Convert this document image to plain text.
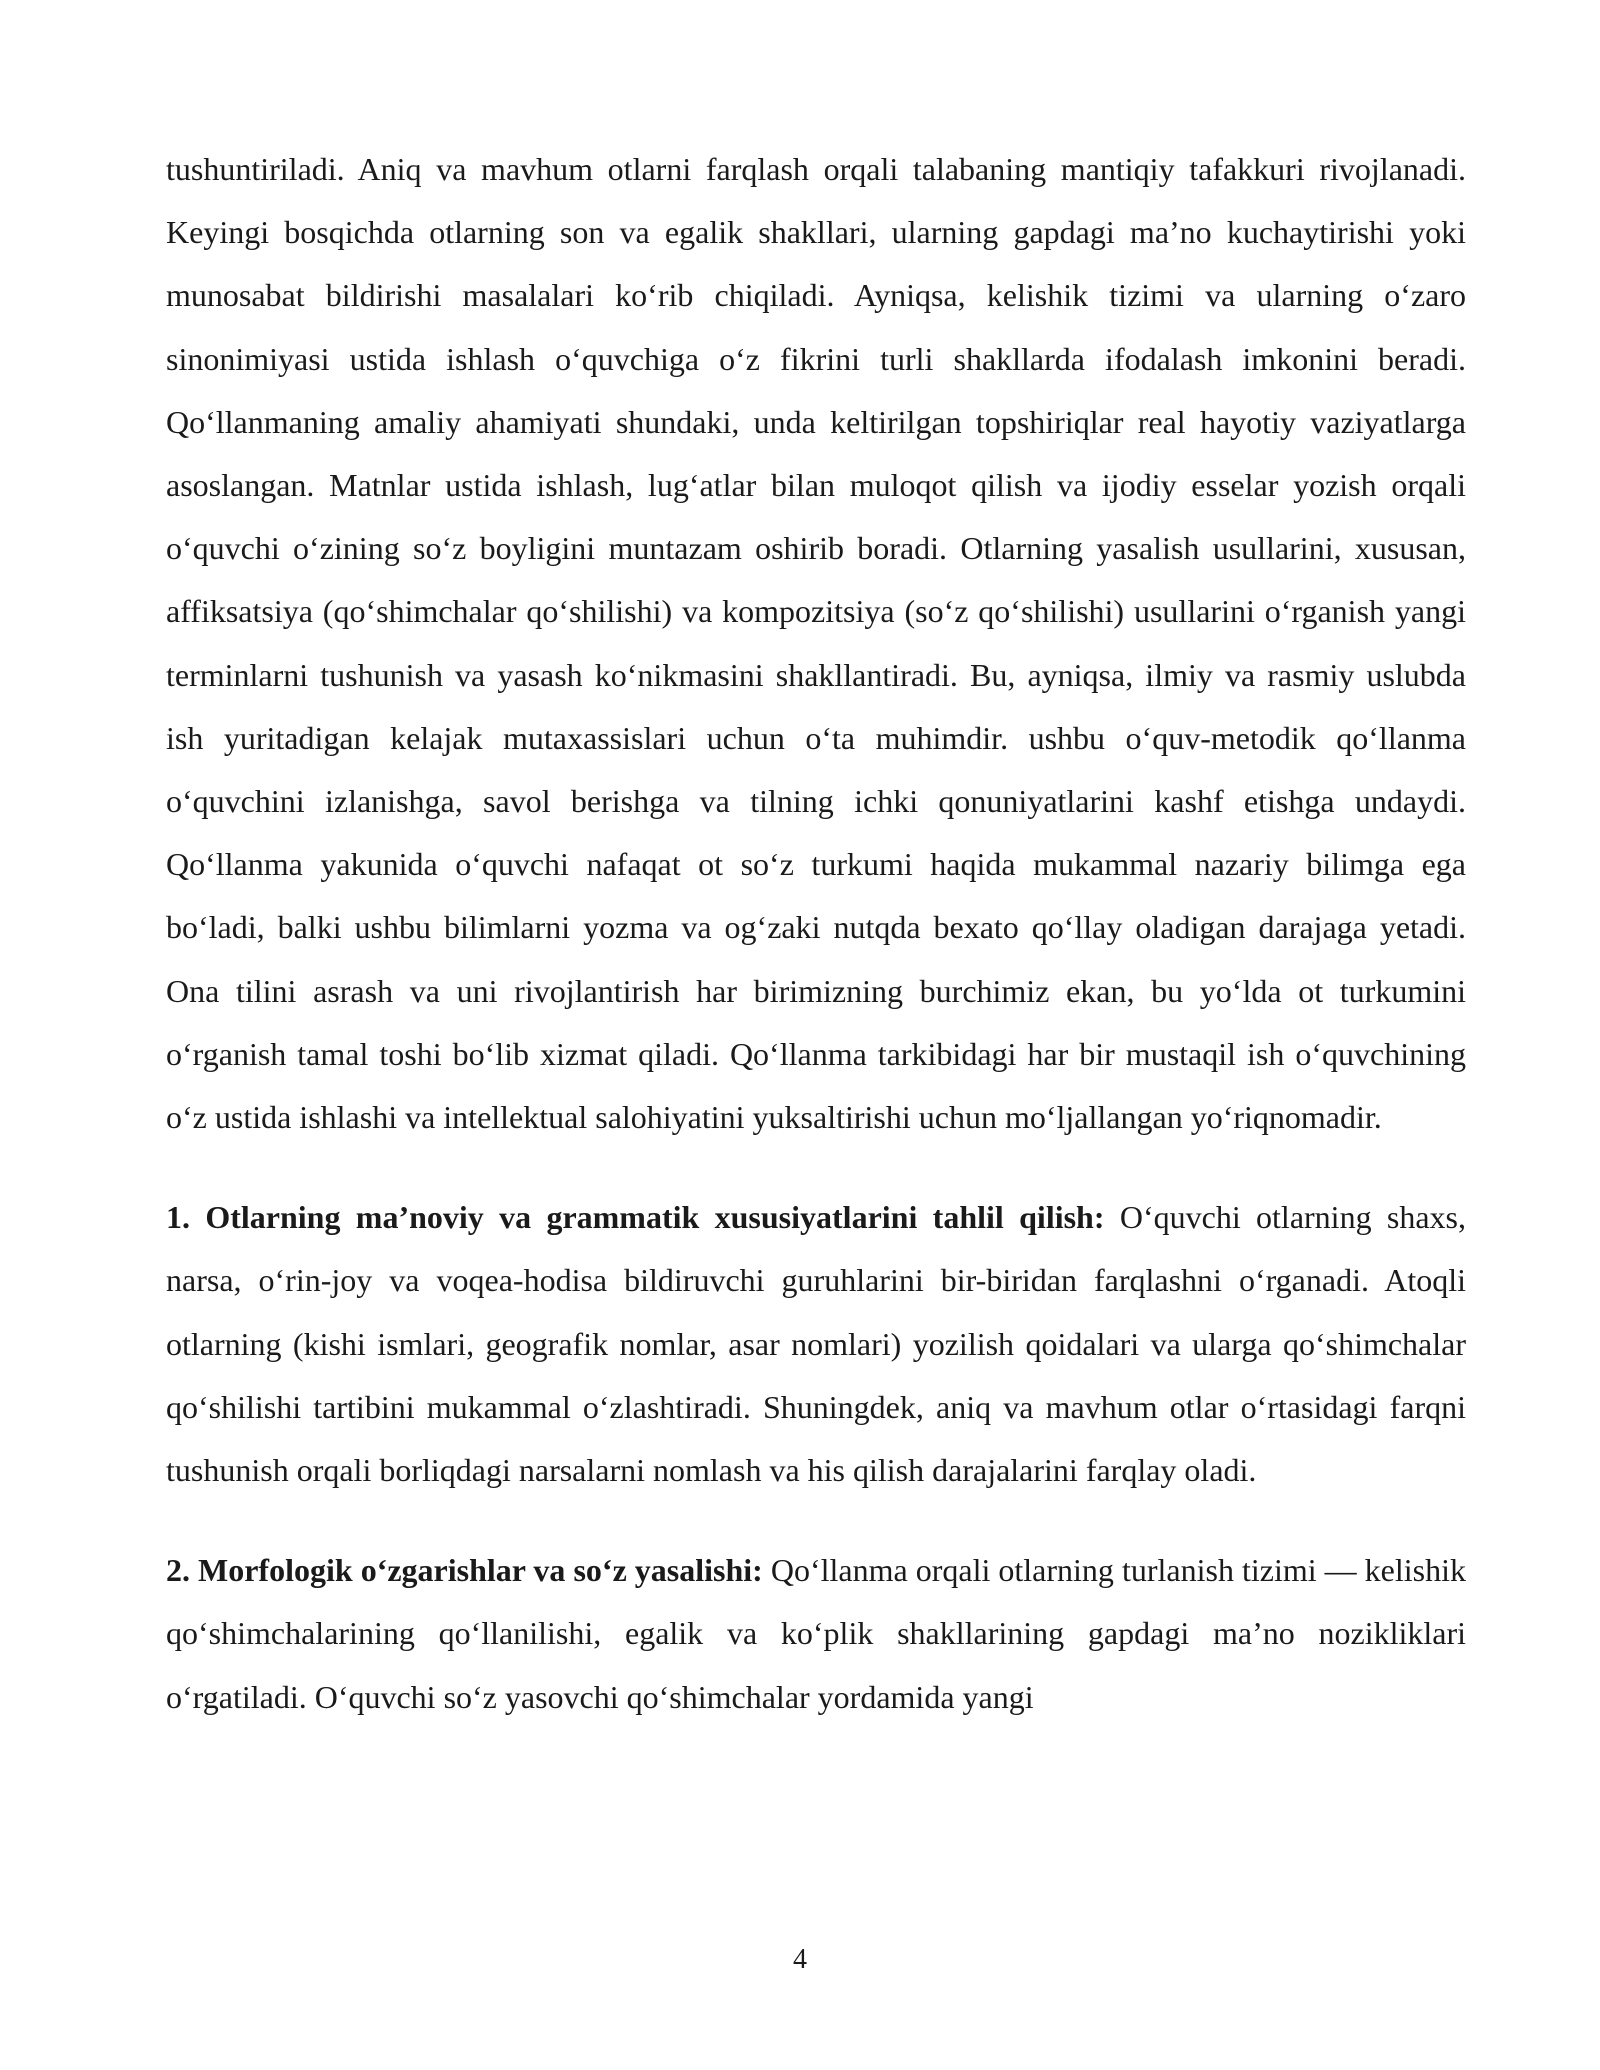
tushuntiriladi. Aniq va mavhum otlarni farqlash orqali talabaning mantiqiy tafakkuri rivojlanadi. Keyingi bosqichda otlarning son va egalik shakllari, ularning gapdagi ma’no kuchaytirishi yoki munosabat bildirishi masalalari ko‘rib chiqiladi. Ayniqsa, kelishik tizimi va ularning o‘zaro sinonimiyasi ustida ishlash o‘quvchiga o‘z fikrini turli shakllarda ifodalash imkonini beradi. Qo‘llanmaning amaliy ahamiyati shundaki, unda keltirilgan topshiriqlar real hayotiy vaziyatlarga asoslangan. Matnlar ustida ishlash, lug‘atlar bilan muloqot qilish va ijodiy esselar yozish orqali o‘quvchi o‘zining so‘z boyligini muntazam oshirib boradi. Otlarning yasalish usullarini, xususan, affiksatsiya (qo‘shimchalar qo‘shilishi) va kompozitsiya (so‘z qo‘shilishi) usullarini o‘rganish yangi terminlarni tushunish va yasash ko‘nikmasini shakllantiradi. Bu, ayniqsa, ilmiy va rasmiy uslubda ish yuritadigan kelajak mutaxassislari uchun o‘ta muhimdir. ushbu o‘quv-metodik qo‘llanma o‘quvchini izlanishga, savol berishga va tilning ichki qonuniyatlarini kashf etishga undaydi. Qo‘llanma yakunida o‘quvchi nafaqat ot so‘z turkumi haqida mukammal nazariy bilimga ega bo‘ladi, balki ushbu bilimlarni yozma va og‘zaki nutqda bexato qo‘llay oladigan darajaga yetadi. Ona tilini asrash va uni rivojlantirish har birimizning burchimiz ekan, bu yo‘lda ot turkumini o‘rganish tamal toshi bo‘lib xizmat qiladi. Qo‘llanma tarkibidagi har bir mustaqil ish o‘quvchining o‘z ustida ishlashi va intellektual salohiyatini yuksaltirishi uchun mo‘ljallangan yo‘riqnomadir.

1. Otlarning ma’noviy va grammatik xususiyatlarini tahlil qilish: O‘quvchi otlarning shaxs, narsa, o‘rin-joy va voqea-hodisa bildiruvchi guruhlarini bir-biridan farqlashni o‘rganadi. Atoqli otlarning (kishi ismlari, geografik nomlar, asar nomlari) yozilish qoidalari va ularga qo‘shimchalar qo‘shilishi tartibini mukammal o‘zlashtiradi. Shuningdek, aniq va mavhum otlar o‘rtasidagi farqni tushunish orqali borliqdagi narsalarni nomlash va his qilish darajalarini farqlay oladi.

2. Morfologik o‘zgarishlar va so‘z yasalishi: Qo‘llanma orqali otlarning turlanish tizimi — kelishik qo‘shimchalarining qo‘llanilishi, egalik va ko‘plik shakllarining gapdagi ma’no nozikliklari o‘rgatiladi. O‘quvchi so‘z yasovchi qo‘shimchalar yordamida yangi

4
